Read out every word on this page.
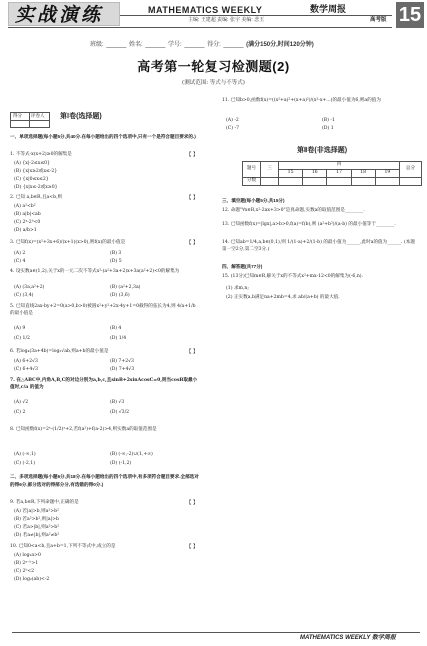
实战演练	MATHEMATICS WEEKLY	数学周报
主编: 王建超 责编: 张宇 美编: 悲玉	高考版 15
班级: ______ 姓名: ______ 学号: ______ 得分: ______ (满分150分,时间120分钟)
高考第一轮复习检测题(2)
(测试范围: 等式与不等式)
得分 评卷人 第Ⅰ卷(选择题)
一、单项选择题(每小题5分,共40分.在每小题给出的四个选项中,只有一个是符合题目要求的.)
1. 不等式-x(x+2)≥0的解集是	【 】
(A) {x|-2≤x≤0}
(B) {x|x≥2或x≤-2}
(C) {x|0≤x≤2}
(D) {x|x≤-2或x≥0}
2. 已知 a,b∈R,且a<b,则	【 】
(A) a²<b²
(B) a|b|<ab
(C) 2ᵃ-2ᵇ<0
(D) a/b>1
3. 已知f(x)=(x²+3x+6)/(x+1)(x>0),则f(x)的最小值是	【 】
(A) 2	(B) 3
(C) 4	(D) 5
4. 设实数a∈(1,2),关于x的一元二次不等式x²-(a²+3a+2)x+3a(a²+2)<0的解集为
(A) (3a,a²+2)	(B) (a²+2,3a)
(C) (3,4)	(D) (3,6)
5. 已知直线2ax-by+2=0(a>0,b>0)被圆x²+y²+2x-4y+1=0截得的弦长为4,则 4/a+1/b 的最小值是
(A) 9	(B) 4
(C) 1/2	(D) 1/4
6. 若log₄(3a+4b)=log₂√ab,则a+b的最小值是	【 】
(A) 6+2√3	(B) 7+2√3
(C) 6+4√3	(D) 7+4√3
7. 在△ABC中,内角A,B,C的对边分别为a,b,c,且sinB+2sinAcosC=0,则当cosB取最小值时,c/a 的值为
(A) √2	(B) √3
(C) 2	(D) √3/2
8. 已知函数f(x)=2ˣ-(1/2)ˣ+2,若f(a²)+f(a-2)>4,则实数a的取值范围是
(A) (-∞,1)	(B) (-∞,-2)∪(1,+∞)
(C) (-2,1)	(D) (-1,2)
二、多项选择题(每小题6分,共18分.在每小题给出的四个选项中,有多项符合题目要求.全部选对的得6分,部分选对的得部分分,有选错的得0分.)
9. 若a,b∈R,下列命题中,正确的是	【 】
(A) 若|a|>b,则a²>b²
(B) 若a²>b²,则|a|>b
(C) 若a>|b|,则a²>b²
(D) 若a≠|b|,则a²≠b²
10. 已知0<a<b,且a+b=1,下列不等式中,成立的是	【 】
(A) log₂a>0
(B) 2ᵃ⁻ᵇ>1
(C) 2ᵇ<2
(D) log₂(ab)<-2
11. 已知b>0,函数f(x)=((x²+a)²+(x+a)²)/(x²-x+...)的最小值为6,则a的值为
(A) -2	(B) -1
(C) -7	(D) 1
第Ⅱ卷(非选择题)
题号	三	四					总分
		15	16	17	18	19	
分数							
三、填空题(每小题5分,共15分)
12. 命题"∀x∈R,x²-2ax+3>0"是真命题,实数a的取值范围是________.
13. 已知函数f(x)=|lgx|,a>b>0,f(a)=f(b),则 (a²+b²)/(a-b) 的最小值等于________.
14. 已知ab=1/4,a,b∈(0,1),则 1/(1-a)+2/(1-b) 的最小值为______,此时a的值为______. (本题第一空2分,第二空3分.)
四、解答题(共77分)
15. (13分)已知m∈R,解关于x的不等式x²+mx-12<0的解集为(-6,n).
(1) 求m,n;
(2) 正实数a,b满足na+2mb=4,求 ab/(a+b) 的最大值.
MATHEMATICS WEEKLY 数学周报
